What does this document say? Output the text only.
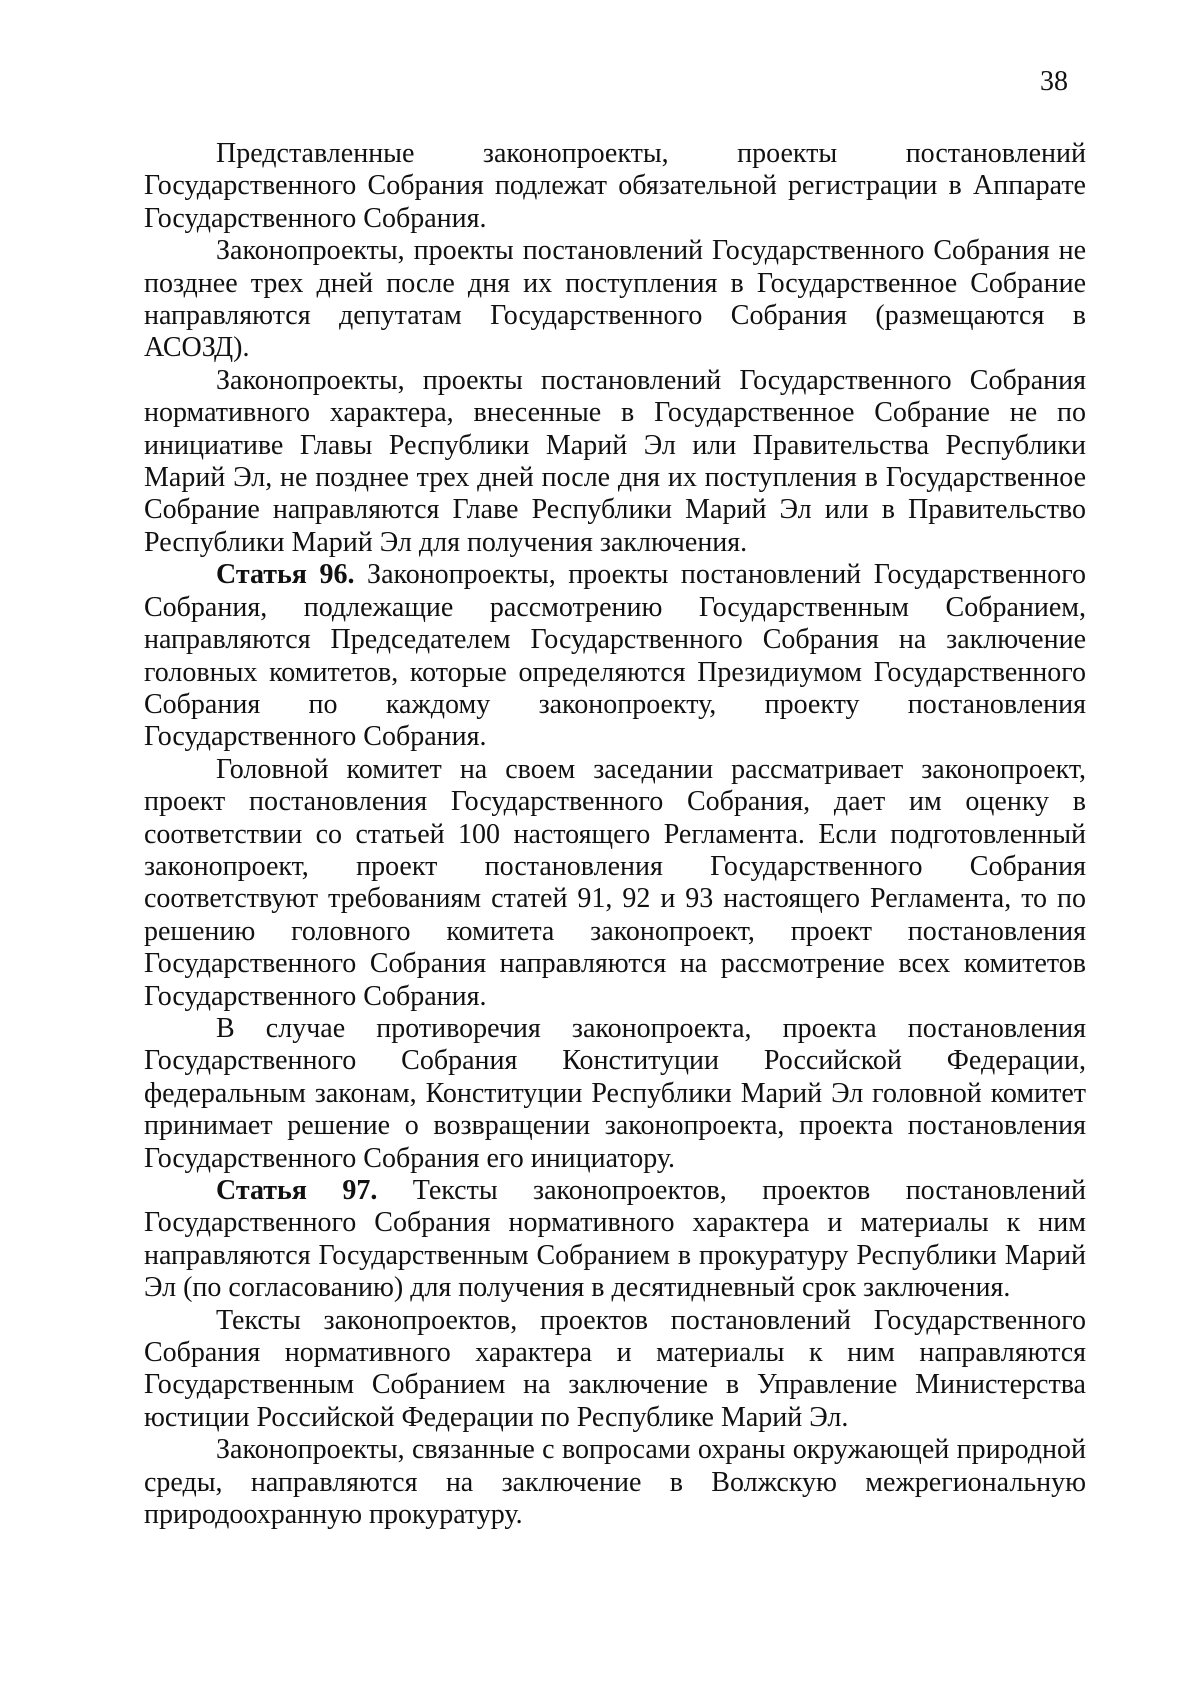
38

Представленные законопроекты, проекты постановлений Государственного Собрания подлежат обязательной регистрации в Аппарате Государственного Собрания.

Законопроекты, проекты постановлений Государственного Собрания не позднее трех дней после дня их поступления в Государственное Собрание направляются депутатам Государственного Собрания (размещаются в АСОЗД).

Законопроекты, проекты постановлений Государственного Собрания нормативного характера, внесенные в Государственное Собрание не по инициативе Главы Республики Марий Эл или Правительства Республики Марий Эл, не позднее трех дней после дня их поступления в Государственное Собрание направляются Главе Республики Марий Эл или в Правительство Республики Марий Эл для получения заключения.

Статья 96. Законопроекты, проекты постановлений Государственного Собрания, подлежащие рассмотрению Государственным Собранием, направляются Председателем Государственного Собрания на заключение головных комитетов, которые определяются Президиумом Государственного Собрания по каждому законопроекту, проекту постановления Государственного Собрания.

Головной комитет на своем заседании рассматривает законопроект, проект постановления Государственного Собрания, дает им оценку в соответствии со статьей 100 настоящего Регламента. Если подготовленный законопроект, проект постановления Государственного Собрания соответствуют требованиям статей 91, 92 и 93 настоящего Регламента, то по решению головного комитета законопроект, проект постановления Государственного Собрания направляются на рассмотрение всех комитетов Государственного Собрания.

В случае противоречия законопроекта, проекта постановления Государственного Собрания Конституции Российской Федерации, федеральным законам, Конституции Республики Марий Эл головной комитет принимает решение о возвращении законопроекта, проекта постановления Государственного Собрания его инициатору.

Статья 97. Тексты законопроектов, проектов постановлений Государственного Собрания нормативного характера и материалы к ним направляются Государственным Собранием в прокуратуру Республики Марий Эл (по согласованию) для получения в десятидневный срок заключения.

Тексты законопроектов, проектов постановлений Государственного Собрания нормативного характера и материалы к ним направляются Государственным Собранием на заключение в Управление Министерства юстиции Российской Федерации по Республике Марий Эл.

Законопроекты, связанные с вопросами охраны окружающей природной среды, направляются на заключение в Волжскую межрегиональную природоохранную прокуратуру.
